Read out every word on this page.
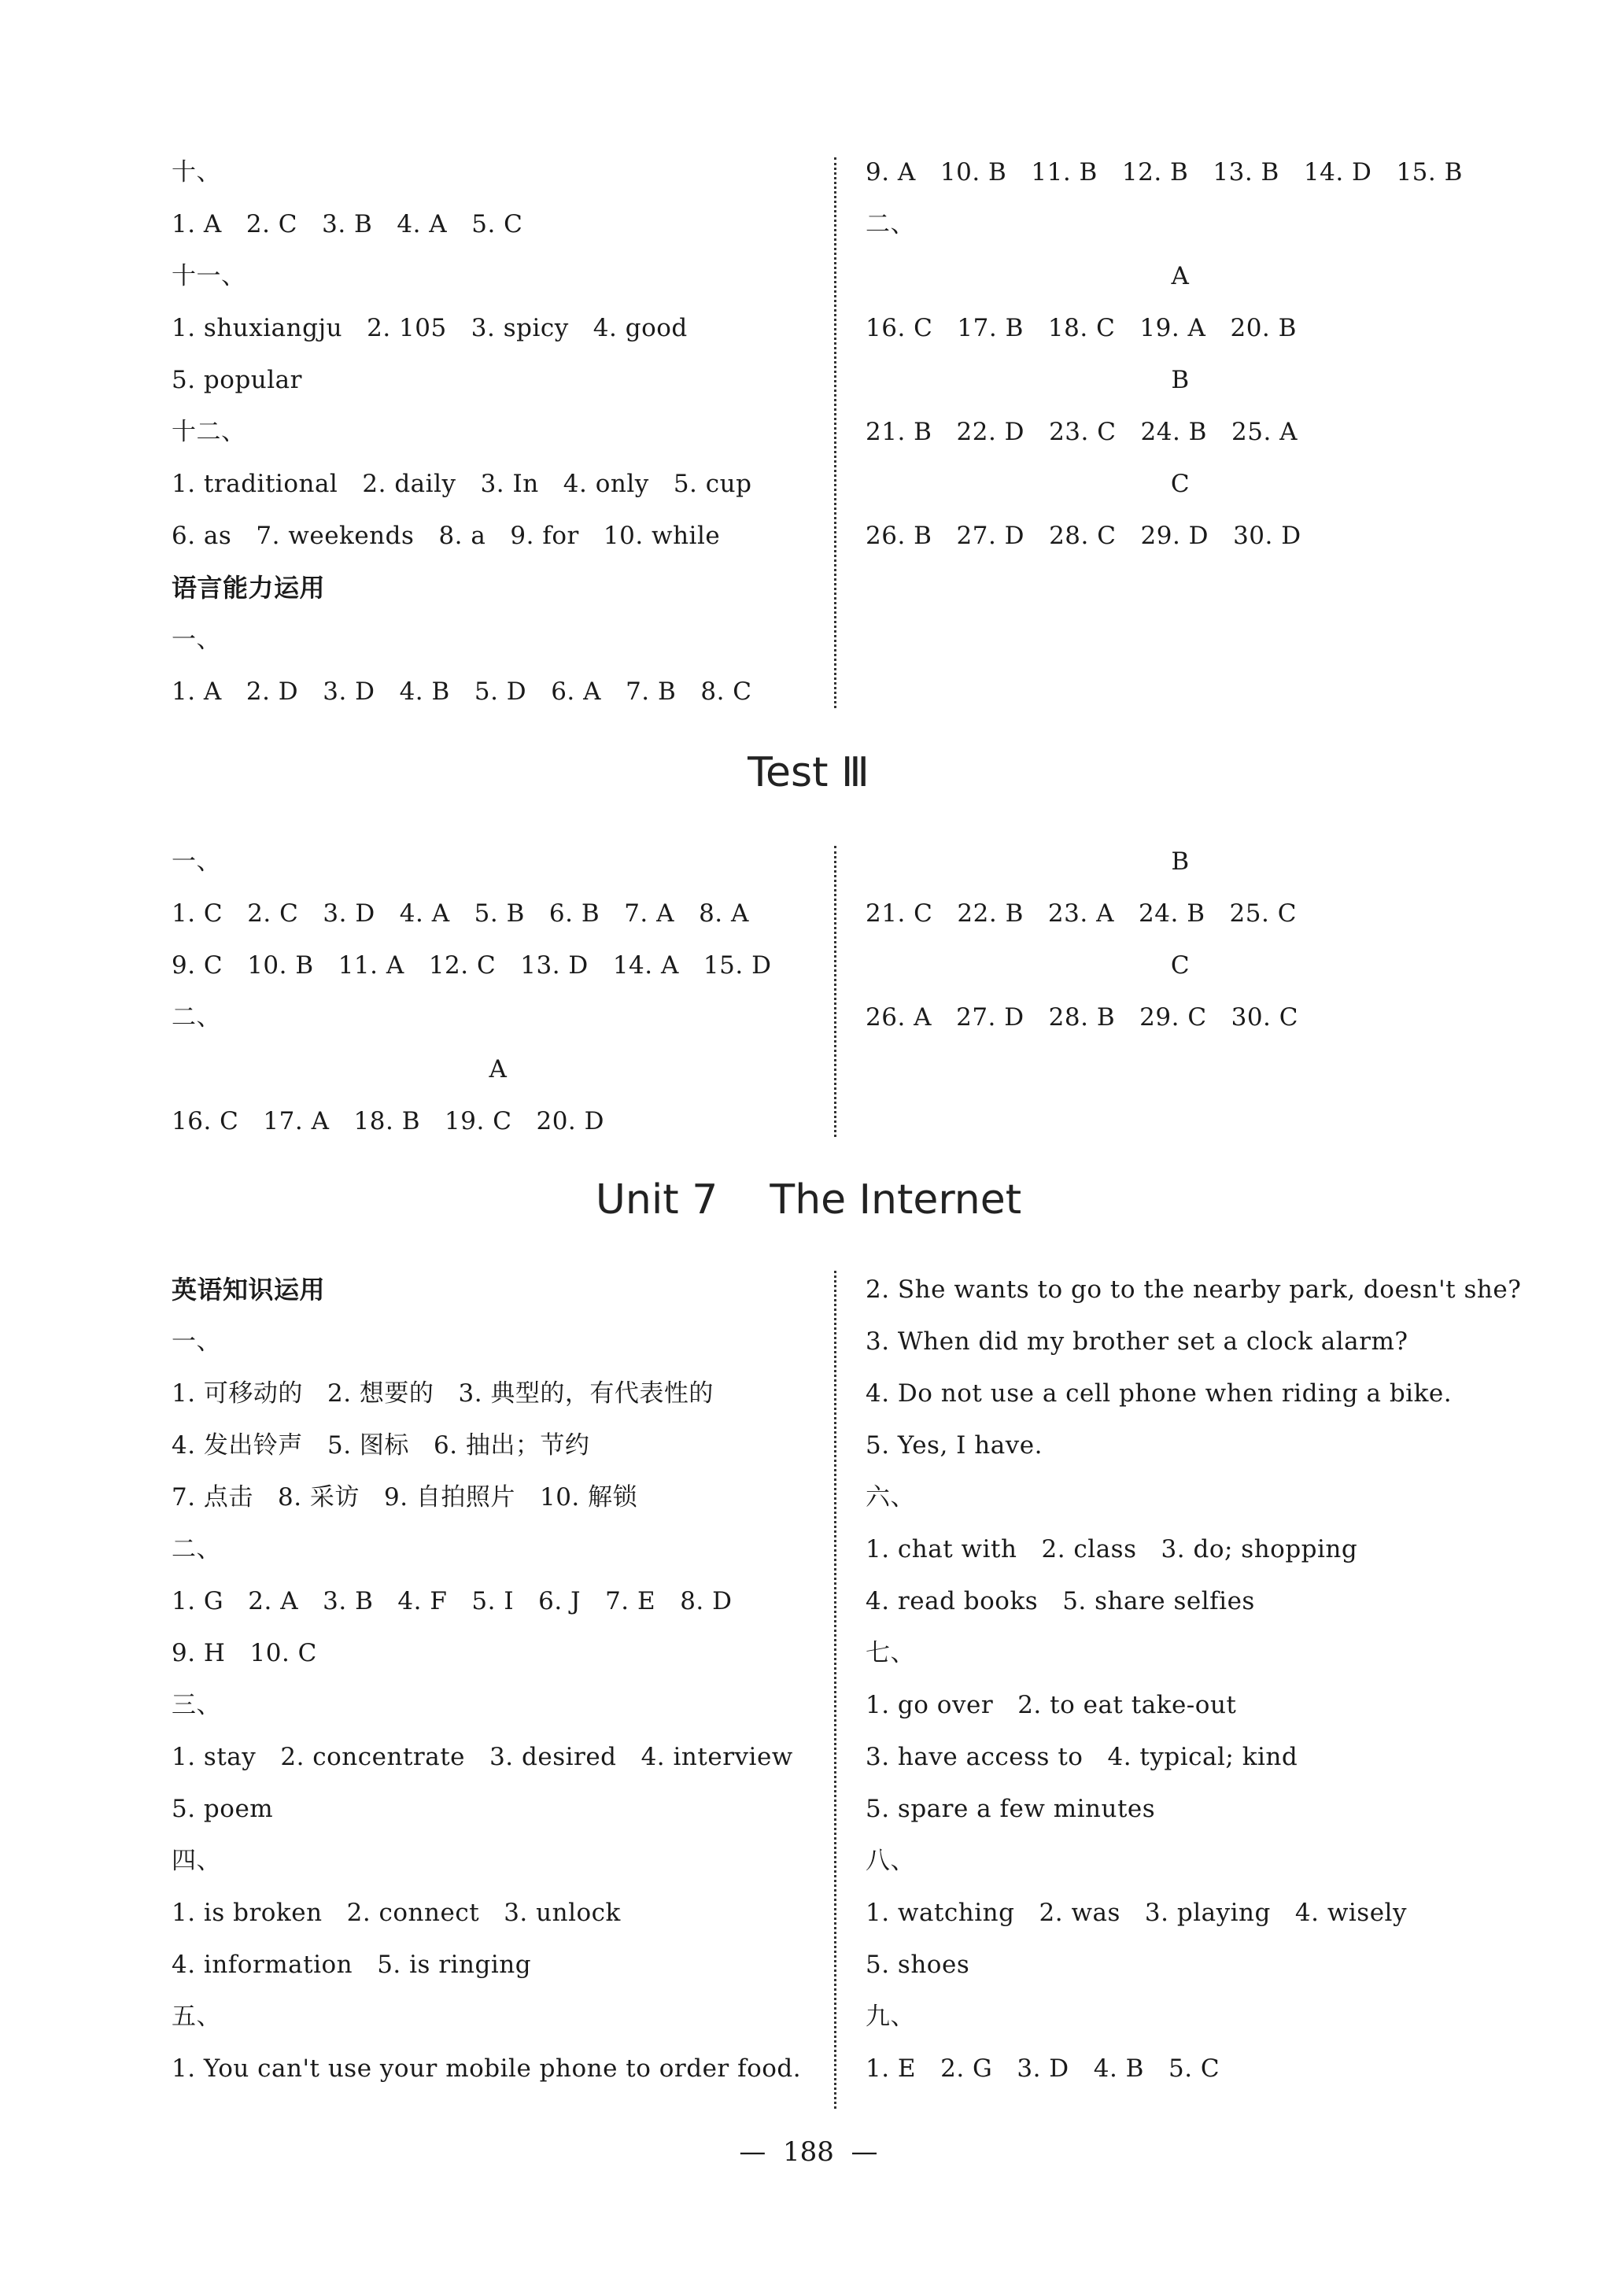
十、
1. A   2. C   3. B   4. A   5. C
十一、
1. shuxiangju   2. 105   3. spicy   4. good
5. popular
十二、
1. traditional   2. daily   3. In   4. only   5. cup
6. as   7. weekends   8. a   9. for   10. while
语言能力运用
一、
1. A   2. D   3. D   4. B   5. D   6. A   7. B   8. C
9. A   10. B   11. B   12. B   13. B   14. D   15. B
二、
A
16. C   17. B   18. C   19. A   20. B
B
21. B   22. D   23. C   24. B   25. A
C
26. B   27. D   28. C   29. D   30. D
Test Ⅲ
一、
1. C   2. C   3. D   4. A   5. B   6. B   7. A   8. A
9. C   10. B   11. A   12. C   13. D   14. A   15. D
二、
A
16. C   17. A   18. B   19. C   20. D
B
21. C   22. B   23. A   24. B   25. C
C
26. A   27. D   28. B   29. C   30. C
Unit 7    The Internet
英语知识运用
一、
1. 可移动的   2. 想要的   3. 典型的，有代表性的
4. 发出铃声   5. 图标   6. 抽出；节约
7. 点击   8. 采访   9. 自拍照片   10. 解锁
二、
1. G   2. A   3. B   4. F   5. I   6. J   7. E   8. D
9. H   10. C
三、
1. stay   2. concentrate   3. desired   4. interview
5. poem
四、
1. is broken   2. connect   3. unlock
4. information   5. is ringing
五、
1. You can't use your mobile phone to order food.
2. She wants to go to the nearby park, doesn't she?
3. When did my brother set a clock alarm?
4. Do not use a cell phone when riding a bike.
5. Yes, I have.
六、
1. chat with   2. class   3. do; shopping
4. read books   5. share selfies
七、
1. go over   2. to eat take-out
3. have access to   4. typical; kind
5. spare a few minutes
八、
1. watching   2. was   3. playing   4. wisely
5. shoes
九、
1. E   2. G   3. D   4. B   5. C
—  188  —
